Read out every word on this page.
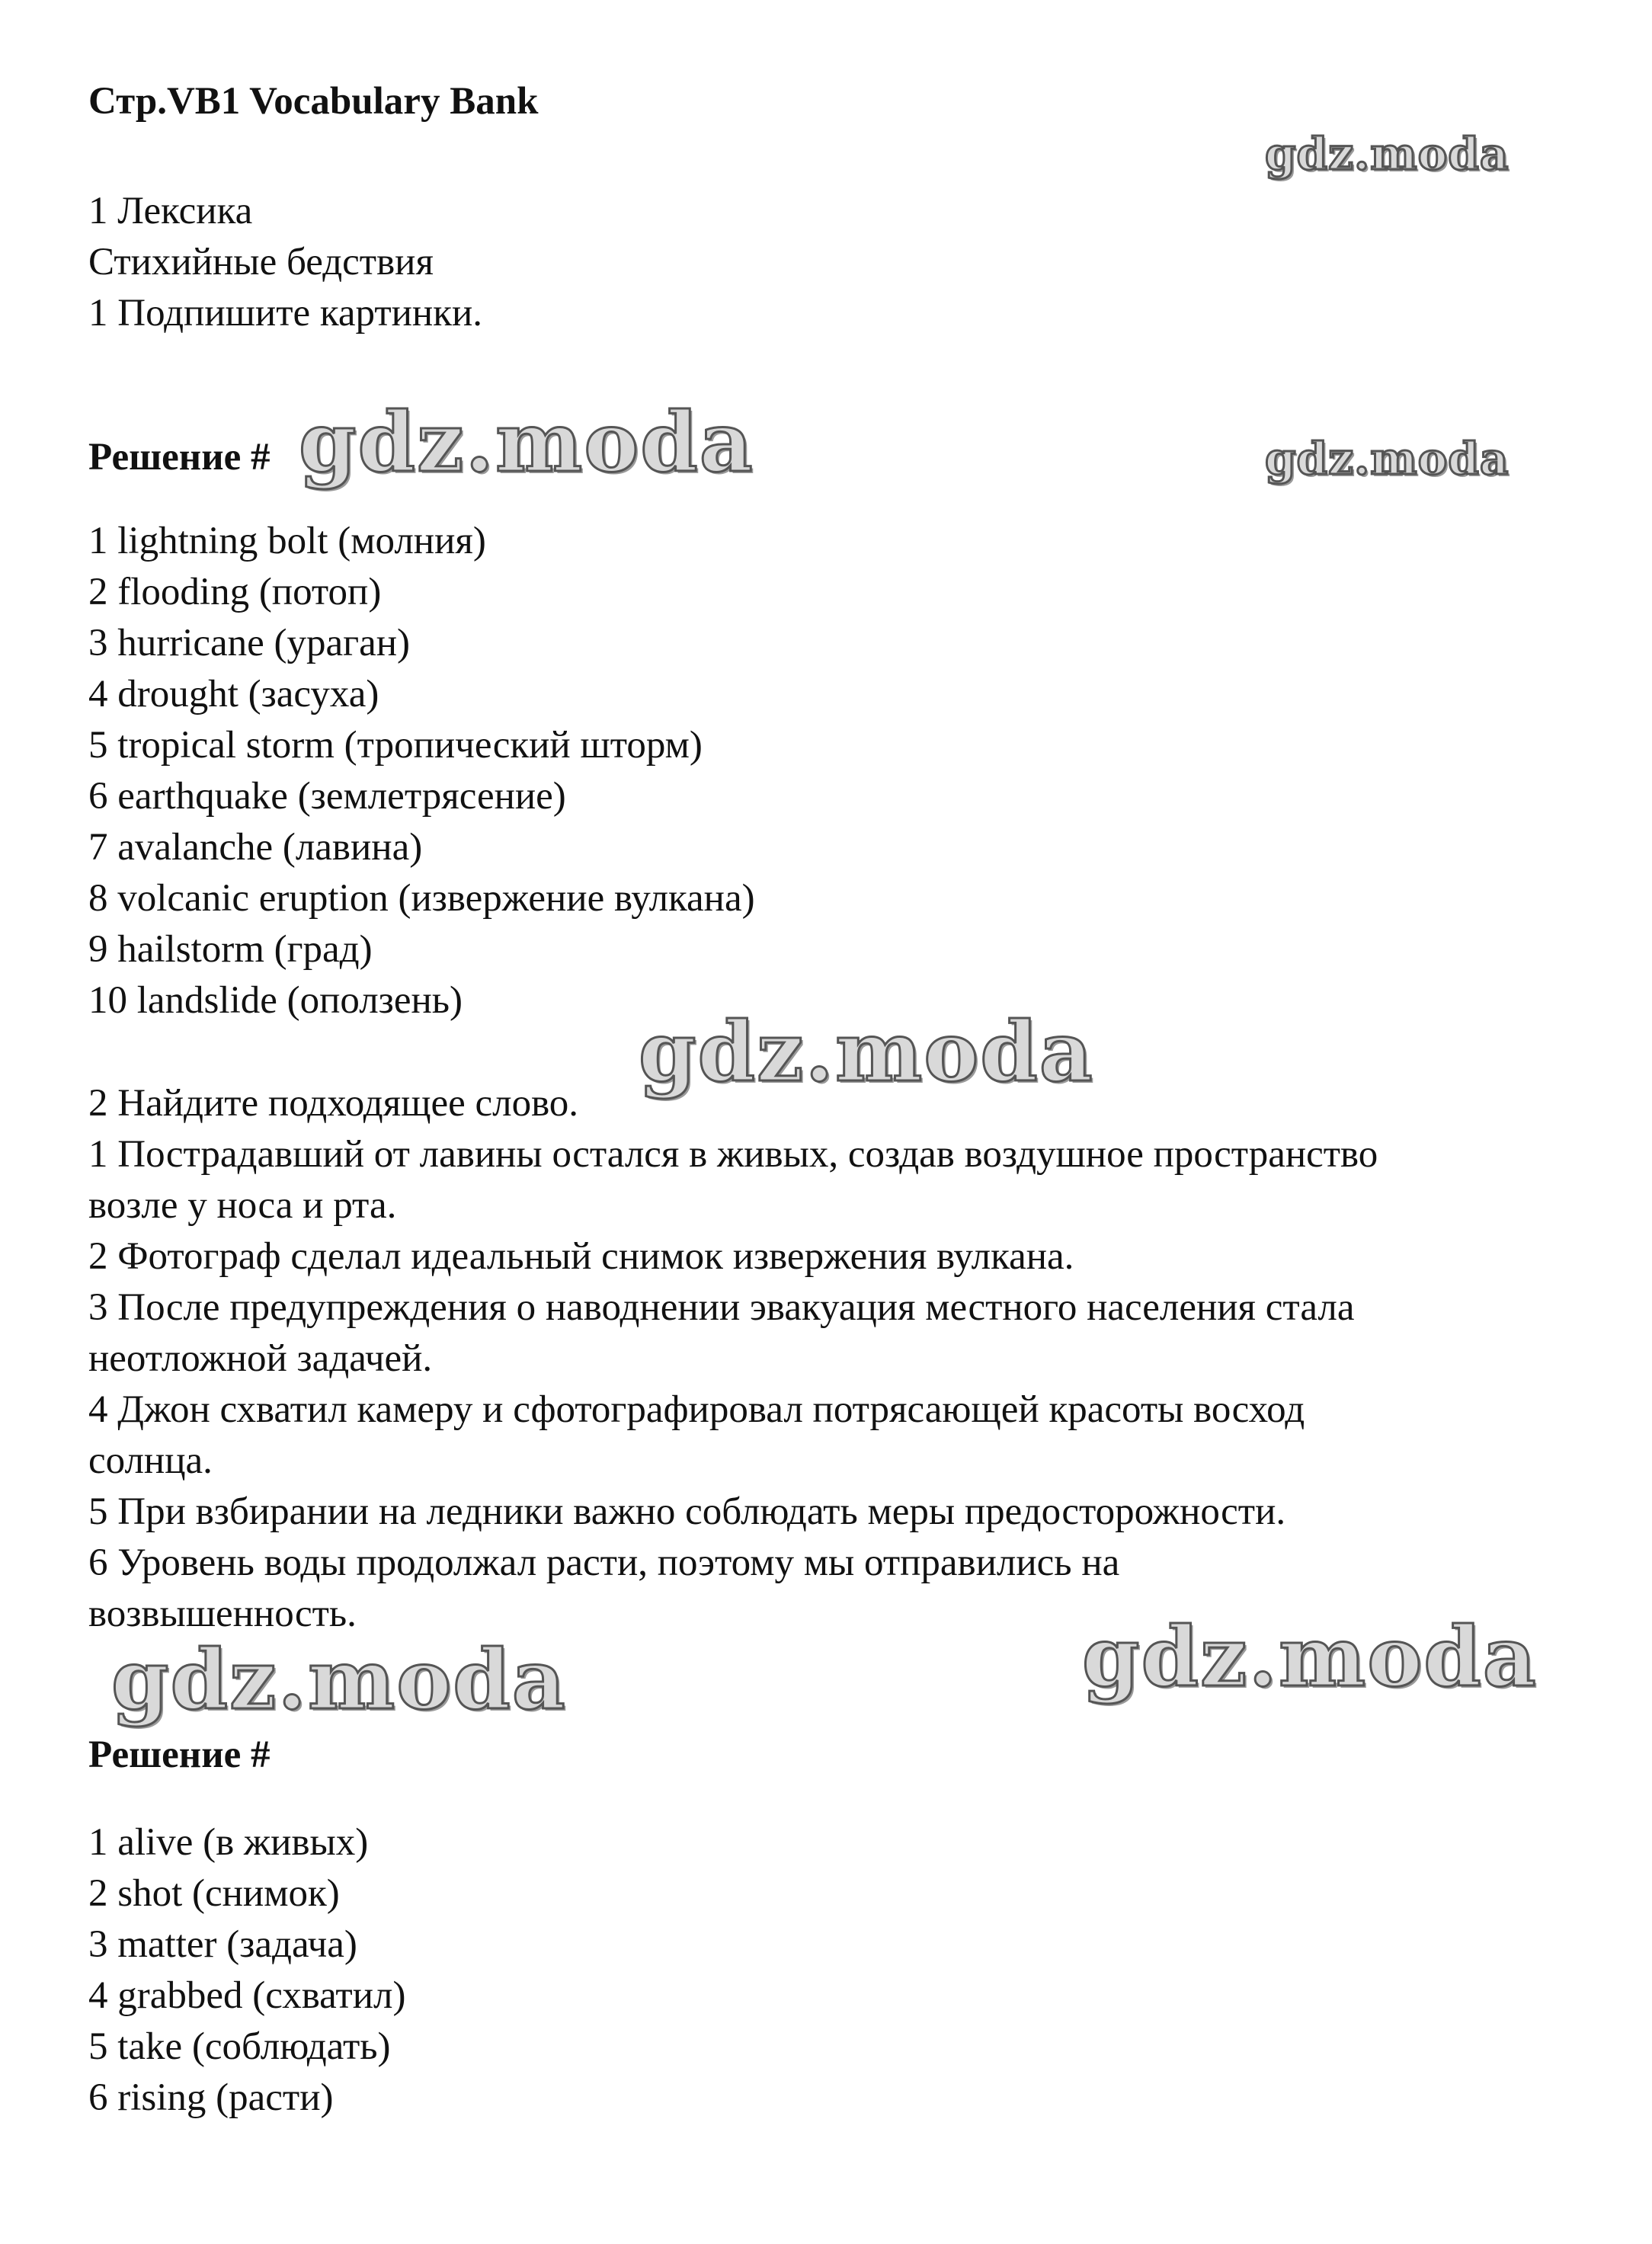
Стр.VB1 Vocabulary Bank
1 Лексика
Стихийные бедствия
1 Подпишите картинки.
Решение #
1 lightning bolt (молния)
2 flooding (потоп)
3 hurricane (ураган)
4 drought (засуха)
5 tropical storm (тропический шторм)
6 earthquake (землетрясение)
7 avalanche (лавина)
8 volcanic eruption (извержение вулкана)
9 hailstorm (град)
10 landslide (оползень)
2 Найдите подходящее слово.
1 Пострадавший от лавины остался в живых, создав воздушное пространство
возле у носа и рта.
2 Фотограф сделал идеальный снимок извержения вулкана.
3 После предупреждения о наводнении эвакуация местного населения стала
неотложной задачей.
4 Джон схватил камеру и сфотографировал потрясающей красоты восход
солнца.
5 При взбирании на ледники важно соблюдать меры предосторожности.
6 Уровень воды продолжал расти, поэтому мы отправились на
возвышенность.
Решение #
1 alive (в живых)
2 shot (снимок)
3 matter (задача)
4 grabbed (схватил)
5 take (соблюдать)
6 rising (расти)
gdz.moda
gdz.moda	gdz.moda
gdz.moda
gdz.moda	gdz.moda
